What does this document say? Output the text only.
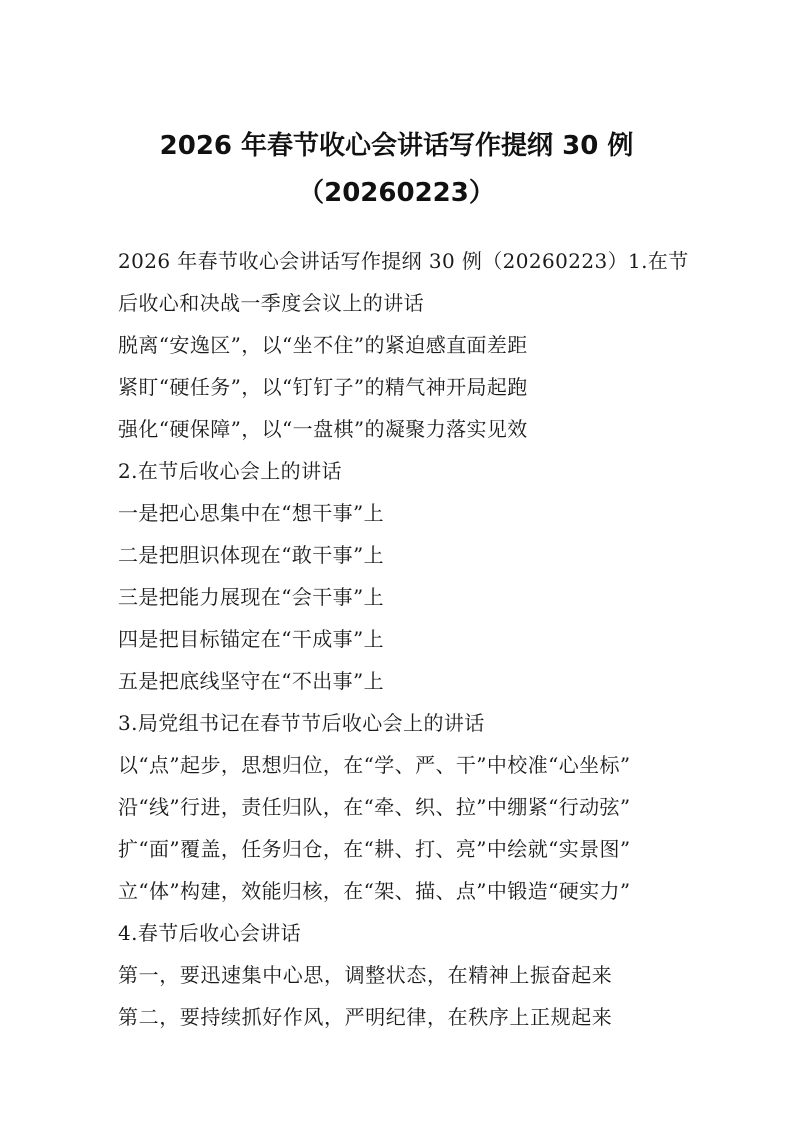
2026 年春节收心会讲话写作提纲 30 例
（20260223）
2026 年春节收心会讲话写作提纲 30 例（20260223）1.在节
后收心和决战一季度会议上的讲话
脱离“安逸区”，以“坐不住”的紧迫感直面差距
紧盯“硬任务”，以“钉钉子”的精气神开局起跑
强化“硬保障”，以“一盘棋”的凝聚力落实见效
2.在节后收心会上的讲话
一是把心思集中在“想干事”上
二是把胆识体现在“敢干事”上
三是把能力展现在“会干事”上
四是把目标锚定在“干成事”上
五是把底线坚守在“不出事”上
3.局党组书记在春节节后收心会上的讲话
以“点”起步，思想归位，在“学、严、干”中校准“心坐标”
沿“线”行进，责任归队，在“牵、织、拉”中绷紧“行动弦”
扩“面”覆盖，任务归仓，在“耕、打、亮”中绘就“实景图”
立“体”构建，效能归核，在“架、描、点”中锻造“硬实力”
4.春节后收心会讲话
第一，要迅速集中心思，调整状态，在精神上振奋起来
第二，要持续抓好作风，严明纪律，在秩序上正规起来
